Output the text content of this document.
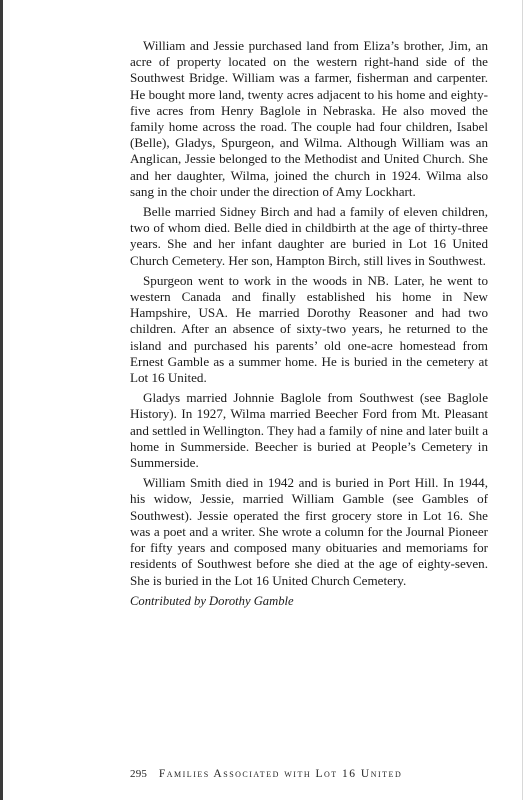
William and Jessie purchased land from Eliza’s brother, Jim, an acre of property located on the western right-hand side of the Southwest Bridge. William was a farmer, fisherman and carpenter. He bought more land, twenty acres adjacent to his home and eighty-five acres from Henry Baglole in Nebraska. He also moved the family home across the road. The couple had four children, Isabel (Belle), Gladys, Spurgeon, and Wilma. Although William was an Anglican, Jessie belonged to the Methodist and United Church. She and her daughter, Wilma, joined the church in 1924. Wilma also sang in the choir under the direction of Amy Lockhart.

Belle married Sidney Birch and had a family of eleven children, two of whom died. Belle died in childbirth at the age of thirty-three years. She and her infant daughter are buried in Lot 16 United Church Cemetery. Her son, Hampton Birch, still lives in Southwest.

Spurgeon went to work in the woods in NB. Later, he went to western Canada and finally established his home in New Hampshire, USA. He married Dorothy Reasoner and had two children. After an absence of sixty-two years, he returned to the island and purchased his parents’ old one-acre homestead from Ernest Gamble as a summer home. He is buried in the cemetery at Lot 16 United.

Gladys married Johnnie Baglole from Southwest (see Baglole History). In 1927, Wilma married Beecher Ford from Mt. Pleasant and settled in Wellington. They had a family of nine and later built a home in Summerside. Beecher is buried at People’s Cemetery in Summerside.

William Smith died in 1942 and is buried in Port Hill. In 1944, his widow, Jessie, married William Gamble (see Gambles of Southwest). Jessie operated the first grocery store in Lot 16. She was a poet and a writer. She wrote a column for the Journal Pioneer for fifty years and composed many obituaries and memoriams for residents of Southwest before she died at the age of eighty-seven. She is buried in the Lot 16 United Church Cemetery.

Contributed by Dorothy Gamble

295 Families Associated with Lot 16 United
